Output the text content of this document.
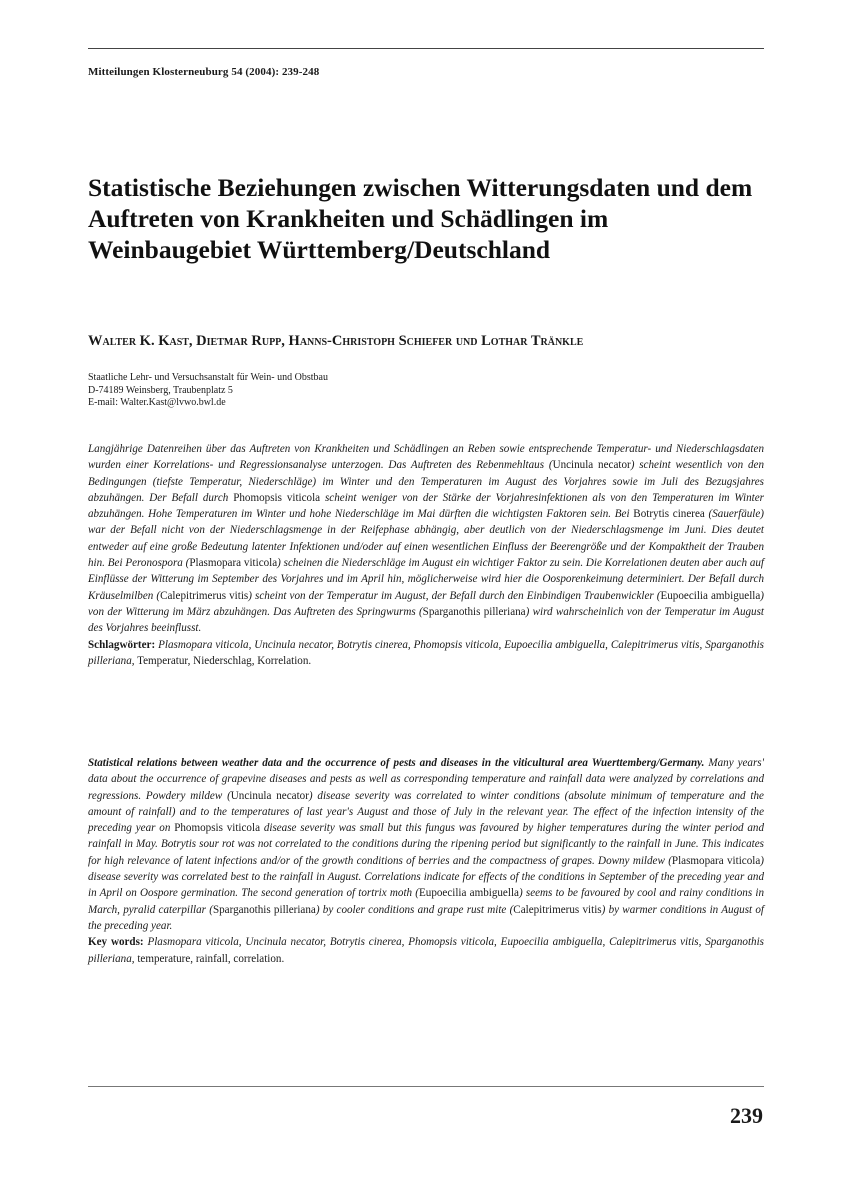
Mitteilungen Klosterneuburg 54 (2004): 239-248
Statistische Beziehungen zwischen Witterungsdaten und dem Auftreten von Krankheiten und Schädlingen im Weinbaugebiet Württemberg/Deutschland
Walter K. Kast, Dietmar Rupp, Hanns-Christoph Schiefer und Lothar Tränkle
Staatliche Lehr- und Versuchsanstalt für Wein- und Obstbau
D-74189 Weinsberg, Traubenplatz 5
E-mail: Walter.Kast@lvwo.bwl.de

Langjährige Datenreihen über das Auftreten von Krankheiten und Schädlingen an Reben sowie entsprechende Temperatur- und Niederschlagsdaten wurden einer Korrelations- und Regressionsanalyse unterzogen. Das Auftreten des Rebenmehltaus (Uncinula necator) scheint wesentlich von den Bedingungen (tiefste Temperatur, Niederschläge) im Winter und den Temperaturen im August des Vorjahres sowie im Juli des Bezugsjahres abzuhängen. Der Befall durch Phomopsis viticola scheint weniger von der Stärke der Vorjahresinfektionen als von den Temperaturen im Winter abzuhängen. Hohe Temperaturen im Winter und hohe Niederschläge im Mai dürften die wichtigsten Faktoren sein. Bei Botrytis cinerea (Sauerfäule) war der Befall nicht von der Niederschlagsmenge in der Reifephase abhängig, aber deutlich von der Niederschlagsmenge im Juni. Dies deutet entweder auf eine große Bedeutung latenter Infektionen und/oder auf einen wesentlichen Einfluss der Beerengröße und der Kompaktheit der Trauben hin. Bei Peronospora (Plasmopara viticola) scheinen die Niederschläge im August ein wichtiger Faktor zu sein. Die Korrelationen deuten aber auch auf Einflüsse der Witterung im September des Vorjahres und im April hin, möglicherweise wird hier die Oosporenkeimung determiniert. Der Befall durch Kräuselmilben (Calepitrimerus vitis) scheint von der Temperatur im August, der Befall durch den Einbindigen Traubenwickler (Eupoecilia ambiguella) von der Witterung im März abzuhängen. Das Auftreten des Springwurms (Sparganothis pilleriana) wird wahrscheinlich von der Temperatur im August des Vorjahres beeinflusst.
Schlagwörter: Plasmopara viticola, Uncinula necator, Botrytis cinerea, Phomopsis viticola, Eupoecilia ambiguella, Calepitrimerus vitis, Sparganothis pilleriana, Temperatur, Niederschlag, Korrelation.

Statistical relations between weather data and the occurrence of pests and diseases in the viticultural area Wuerttemberg/Germany. Many years' data about the occurrence of grapevine diseases and pests as well as corresponding temperature and rainfall data were analyzed by correlations and regressions. Powdery mildew (Uncinula necator) disease severity was correlated to winter conditions (absolute minimum of temperature and the amount of rainfall) and to the temperatures of last year's August and those of July in the relevant year. The effect of the infection intensity of the preceding year on Phomopsis viticola disease severity was small but this fungus was favoured by higher temperatures during the winter period and rainfall in May. Botrytis sour rot was not correlated to the conditions during the ripening period but significantly to the rainfall in June. This indicates for high relevance of latent infections and/or of the growth conditions of berries and the compactness of grapes. Downy mildew (Plasmopara viticola) disease severity was correlated best to the rainfall in August. Correlations indicate for effects of the conditions in September of the preceding year and in April on Oospore germination. The second generation of tortrix moth (Eupoecilia ambiguella) seems to be favoured by cool and rainy conditions in March, pyralid caterpillar (Sparganothis pilleriana) by cooler conditions and grape rust mite (Calepitrimerus vitis) by warmer conditions in August of the preceding year.
Key words: Plasmopara viticola, Uncinula necator, Botrytis cinerea, Phomopsis viticola, Eupoecilia ambiguella, Calepitrimerus vitis, Sparganothis pilleriana, temperature, rainfall, correlation.

239
